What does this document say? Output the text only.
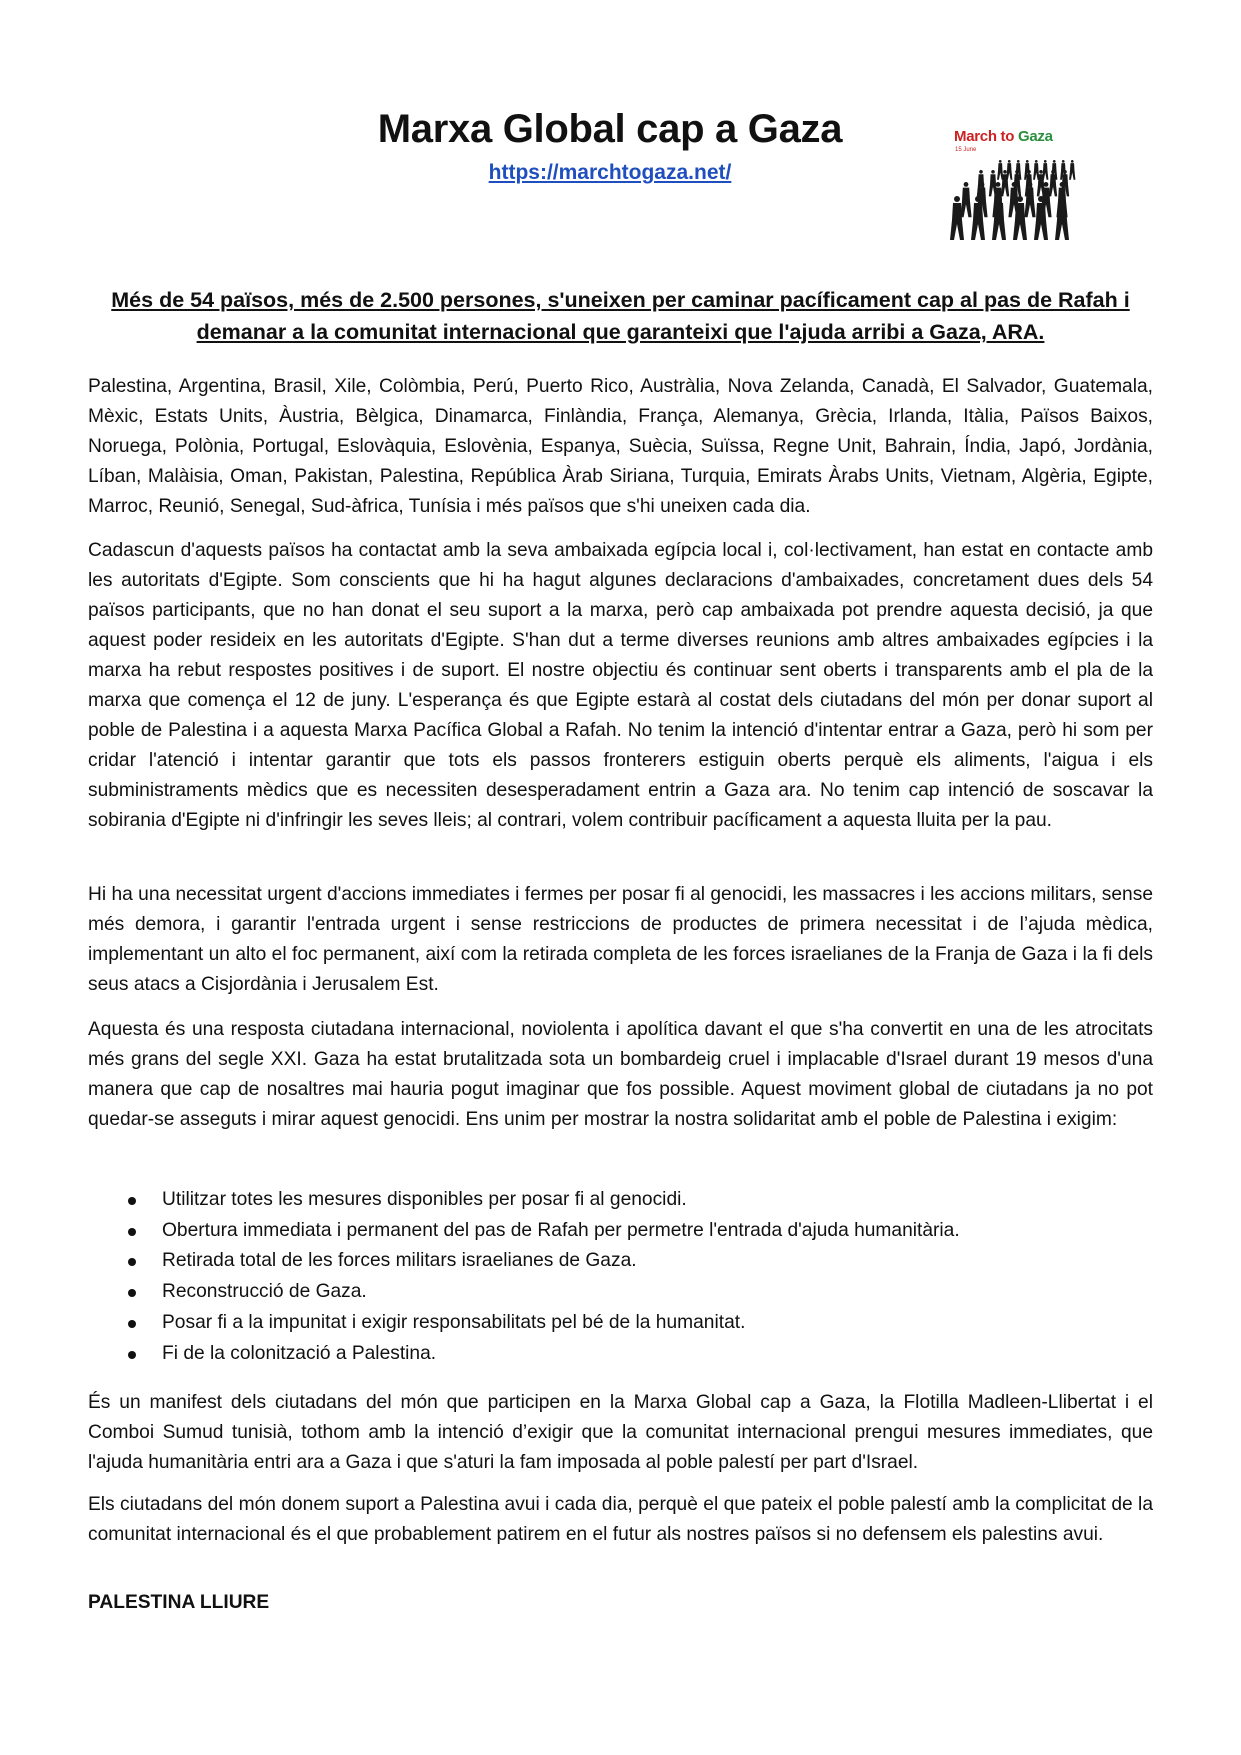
Marxa Global cap a Gaza
https://marchtogaza.net/
March to Gaza
15 June
Més de 54 països, més de 2.500 persones, s'uneixen per caminar pacíficament cap al pas de Rafah i demanar a la comunitat internacional que garanteixi que l'ajuda arribi a Gaza, ARA.

Palestina, Argentina, Brasil, Xile, Colòmbia, Perú, Puerto Rico, Austràlia, Nova Zelanda, Canadà, El Salvador, Guatemala, Mèxic, Estats Units, Àustria, Bèlgica, Dinamarca, Finlàndia, França, Alemanya, Grècia, Irlanda, Itàlia, Països Baixos, Noruega, Polònia, Portugal, Eslovàquia, Eslovènia, Espanya, Suècia, Suïssa, Regne Unit, Bahrain, Índia, Japó, Jordània, Líban, Malàisia, Oman, Pakistan, Palestina, República Àrab Siriana, Turquia, Emirats Àrabs Units, Vietnam, Algèria, Egipte, Marroc, Reunió, Senegal, Sud-àfrica, Tunísia i més països que s'hi uneixen cada dia.

Cadascun d'aquests països ha contactat amb la seva ambaixada egípcia local i, col·lectivament, han estat en contacte amb les autoritats d'Egipte. Som conscients que hi ha hagut algunes declaracions d'ambaixades, concretament dues dels 54 països participants, que no han donat el seu suport a la marxa, però cap ambaixada pot prendre aquesta decisió, ja que aquest poder resideix en les autoritats d'Egipte. S'han dut a terme diverses reunions amb altres ambaixades egípcies i la marxa ha rebut respostes positives i de suport. El nostre objectiu és continuar sent oberts i transparents amb el pla de la marxa que comença el 12 de juny. L'esperança és que Egipte estarà al costat dels ciutadans del món per donar suport al poble de Palestina i a aquesta Marxa Pacífica Global a Rafah. No tenim la intenció d'intentar entrar a Gaza, però hi som per cridar l'atenció i intentar garantir que tots els passos fronterers estiguin oberts perquè els aliments, l'aigua i els subministraments mèdics que es necessiten desesperadament entrin a Gaza ara. No tenim cap intenció de soscavar la sobirania d'Egipte ni d'infringir les seves lleis; al contrari, volem contribuir pacíficament a aquesta lluita per la pau.

Hi ha una necessitat urgent d'accions immediates i fermes per posar fi al genocidi, les massacres i les accions militars, sense més demora, i garantir l'entrada urgent i sense restriccions de productes de primera necessitat i de l’ajuda mèdica, implementant un alto el foc permanent, així com la retirada completa de les forces israelianes de la Franja de Gaza i la fi dels seus atacs a Cisjordània i Jerusalem Est.

Aquesta és una resposta ciutadana internacional, noviolenta i apolítica davant el que s'ha convertit en una de les atrocitats més grans del segle XXI. Gaza ha estat brutalitzada sota un bombardeig cruel i implacable d'Israel durant 19 mesos d'una manera que cap de nosaltres mai hauria pogut imaginar que fos possible. Aquest moviment global de ciutadans ja no pot quedar-se asseguts i mirar aquest genocidi. Ens unim per mostrar la nostra solidaritat amb el poble de Palestina i exigim:

Utilitzar totes les mesures disponibles per posar fi al genocidi.
Obertura immediata i permanent del pas de Rafah per permetre l'entrada d'ajuda humanitària.
Retirada total de les forces militars israelianes de Gaza.
Reconstrucció de Gaza.
Posar fi a la impunitat i exigir responsabilitats pel bé de la humanitat.
Fi de la colonització a Palestina.

És un manifest dels ciutadans del món que participen en la Marxa Global cap a Gaza, la Flotilla Madleen-Llibertat i el Comboi Sumud tunisià, tothom amb la intenció d’exigir que la comunitat internacional prengui mesures immediates, que l'ajuda humanitària entri ara a Gaza i que s'aturi la fam imposada al poble palestí per part d'Israel.

Els ciutadans del món donem suport a Palestina avui i cada dia, perquè el que pateix el poble palestí amb la complicitat de la comunitat internacional és el que probablement patirem en el futur als nostres països si no defensem els palestins avui.

PALESTINA LLIURE
